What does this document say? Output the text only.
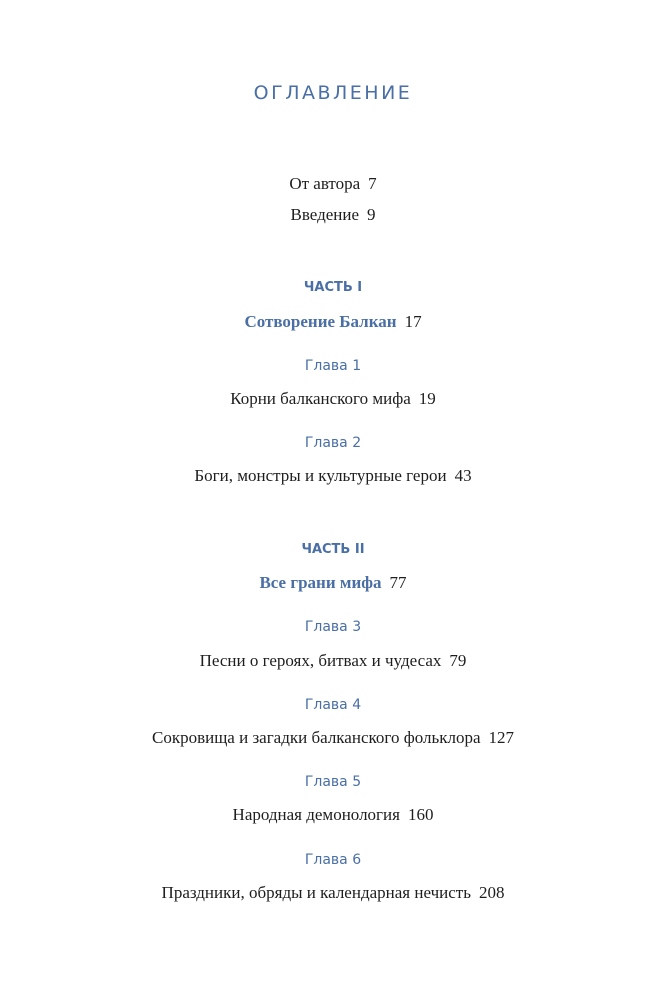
ОГЛАВЛЕНИЕ
От автора 7
Введение 9
ЧАСТЬ I
Сотворение Балкан 17
Глава 1
Корни балканского мифа 19
Глава 2
Боги, монстры и культурные герои 43
ЧАСТЬ II
Все грани мифа 77
Глава 3
Песни о героях, битвах и чудесах 79
Глава 4
Сокровища и загадки балканского фольклора 127
Глава 5
Народная демонология 160
Глава 6
Праздники, обряды и календарная нечисть 208
